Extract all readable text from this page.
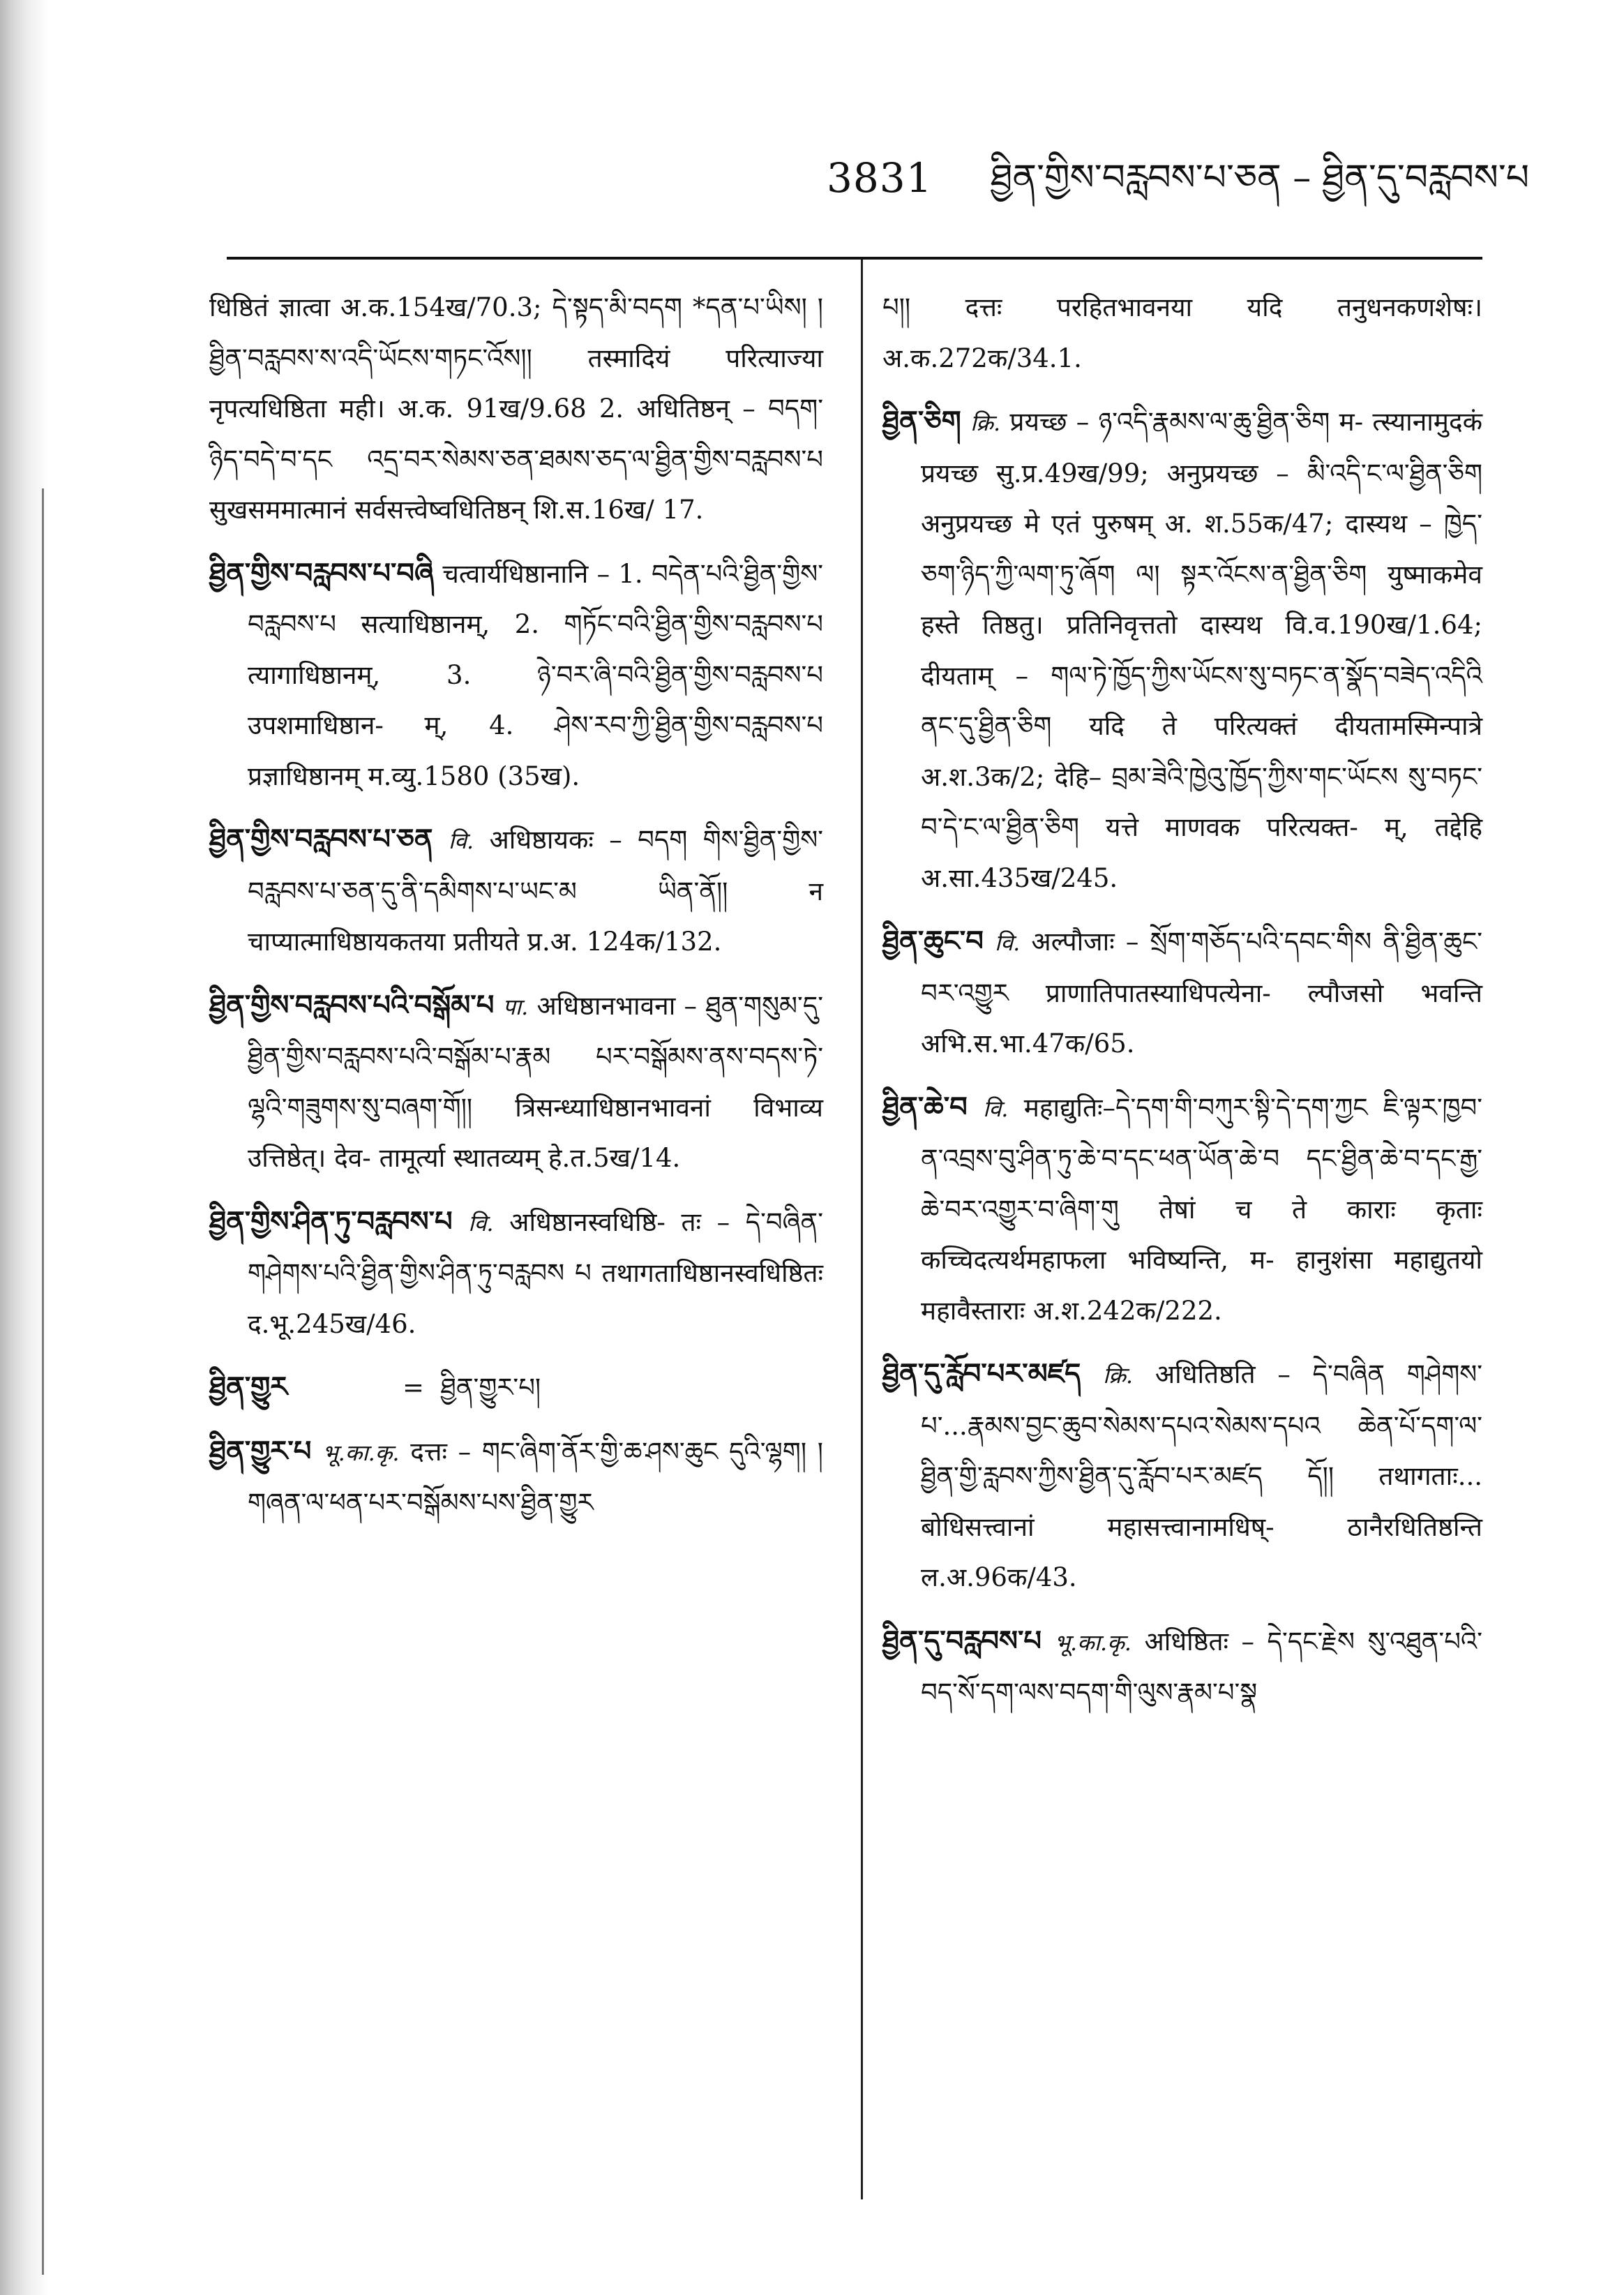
3831 ཐྱིན་གྱིས་བརླབས་པ་ཅན – ཐྱིན་དུ་བརླབས་པ

धिष्ठितं ज्ञात्वा अ.क.154ख/70.3; དེ་སྟད་མི་བདག *དན་པ་ཡིས། །ཐྱིན་བརླབས་ས་འདི་ཡོངས་གཏང་འོས།། तस्मादियं परित्याज्या नृपत्यधिष्ठिता मही। अ.क. 91ख/9.68 2. अधितिष्ठन् – བདག་ཉིད་བདེ་བ་དང འདྲ་བར་སེམས་ཅན་ཐམས་ཅད་ལ་ཐྱིན་གྱིས་བརླབས་པ सुखसममात्मानं सर्वसत्त्वेष्वधितिष्ठन् शि.स.16ख/ 17.

ཐྱིན་གྱིས་བརླབས་པ་བཞི चत्वार्यधिष्ठानानि – 1. བདེན་པའི་ཐྱིན་གྱིས་བརླབས་པ सत्याधिष्ठानम्, 2. གཏོང་བའི་ཐྱིན་གྱིས་བརླབས་པ त्यागाधिष्ठानम्, 3. ཉེ་བར་ཞི་བའི་ཐྱིན་གྱིས་བརླབས་པ उपशमाधिष्ठान- म्, 4. ཤེས་རབ་ཀྱི་ཐྱིན་གྱིས་བརླབས་པ प्रज्ञाधिष्ठानम् म.व्यु.1580 (35ख).

ཐྱིན་གྱིས་བརླབས་པ་ཅན वि. अधिष्ठायकः – བདག གིས་ཐྱིན་གྱིས་བརླབས་པ་ཅན་དུ་ནི་དམིགས་པ་ཡང་མ ཡིན་ནོ།། न चाप्यात्माधिष्ठायकतया प्रतीयते प्र.अ. 124क/132.

ཐྱིན་གྱིས་བརླབས་པའི་བསྒོམ་པ पा. अधिष्ठानभावना – ཐུན་གསུམ་དུ་ཐྱིན་གྱིས་བརླབས་པའི་བསྒོམ་པ་རྣམ པར་བསྒོམས་ནས་བདས་ཏེ་ལྷའི་གཟུགས་སུ་བཞག་གོ།། त्रिसन्ध्याधिष्ठानभावनां विभाव्य उत्तिष्ठेत्। देव- तामूर्त्या स्थातव्यम् हे.त.5ख/14.

ཐྱིན་གྱིས་ཤིན་ཏུ་བརླབས་པ वि. अधिष्ठानस्वधिष्ठि- तः – དེ་བཞིན་གཤེགས་པའི་ཐྱིན་གྱིས་ཤིན་ཏུ་བརླབས པ तथागताधिष्ठानस्वधिष्ठितः द.भू.245ख/46.

ཐྱིན་གྱུར	=  ཐྱིན་གྱུར་པ།

ཐྱིན་གྱུར་པ भू.का.कृ. दत्तः – གང་ཞིག་ནོར་གྱི་ཆ་ཤས་ཆུང དུའི་ལྷག། །གཞན་ལ་ཕན་པར་བསྒོམས་པས་ཐྱིན་གྱུར

པ།། दत्तः परहितभावनया यदि तनुधनकणशेषः। अ.क.272क/34.1.

ཐྱིན་ཅིག क्रि. प्रयच्छ – ཉ་འདི་རྣམས་ལ་ཆུ་ཐྱིན་ཅིག म- त्स्यानामुदकं प्रयच्छ सु.प्र.49ख/99; अनुप्रयच्छ – མི་འདི་ང་ལ་ཐྱིན་ཅིག अनुप्रयच्छ मे एतं पुरुषम् अ. श.55क/47; दास्यथ – ཁྱེད་ཅག་ཉིད་ཀྱི་ལག་ཏུ་ཞོག ལ། སྟར་འོངས་ན་ཐྱིན་ཅིག युष्माकमेव हस्ते तिष्ठतु। प्रतिनिवृत्ततो दास्यथ वि.व.190ख/1.64; दीयताम् – གལ་ཏེ་ཁྱོད་ཀྱིས་ཡོངས་སུ་བཏང་ན་སྣོད་བཟེད་འདིའི ནང་དུ་ཐྱིན་ཅིག यदि ते परित्यक्तं दीयतामस्मिन्पात्रे अ.श.3क/2; देहि– བྲམ་ཟེའི་ཁྱེའུ་ཁྱོད་ཀྱིས་གང་ཡོངས སུ་བཏང་བ་དེ་ང་ལ་ཐྱིན་ཅིག यत्ते माणवक परित्यक्त- म्, तद्देहि अ.सा.435ख/245.

ཐྱིན་ཆུང་བ वि. अल्पौजाः – སྲོག་གཅོད་པའི་དབང་གིས ནི་ཐྱིན་ཆུང་བར་འགྱུར प्राणातिपातस्याधिपत्येना- ल्पौजसो भवन्ति अभि.स.भा.47क/65.

ཐྱིན་ཆེ་བ वि. महाद्युतिः–དེ་དག་གི་བཀུར་སྟི་དེ་དག་ཀྱང ཇི་ལྟར་ཁྱབ་ན་འབྲས་བུ་ཤིན་ཏུ་ཆེ་བ་དང་ཕན་ཡོན་ཆེ་བ དང་ཐྱིན་ཆེ་བ་དང་རྒྱ་ཆེ་བར་འགྱུར་བ་ཞིག་གུ तेषां च ते काराः कृताः कच्चिदत्यर्थमहाफला भविष्यन्ति, म- हानुशंसा महाद्युतयो महावैस्ताराः अ.श.242क/222.

ཐྱིན་དུ་རློབ་པར་མཛད क्रि. अधितिष्ठति – དེ་བཞིན གཤེགས་པ་...རྣམས་བྱང་ཆུབ་སེམས་དཔའ་སེམས་དཔའ ཆེན་པོ་དག་ལ་ཐྱིན་གྱི་རླབས་ཀྱིས་ཐྱིན་དུ་རློབ་པར་མཛད དོ།། तथागताः... बोधिसत्त्वानां महासत्त्वानामधिष्- ठानैरधितिष्ठन्ति ल.अ.96क/43.

ཐྱིན་དུ་བརླབས་པ भू.का.कृ. अधिष्ठितः – དེ་དང་རྗེས སུ་འཐུན་པའི་བད་སོ་དག་ལས་བདག་གི་ལུས་རྣམ་པ་སྣ
